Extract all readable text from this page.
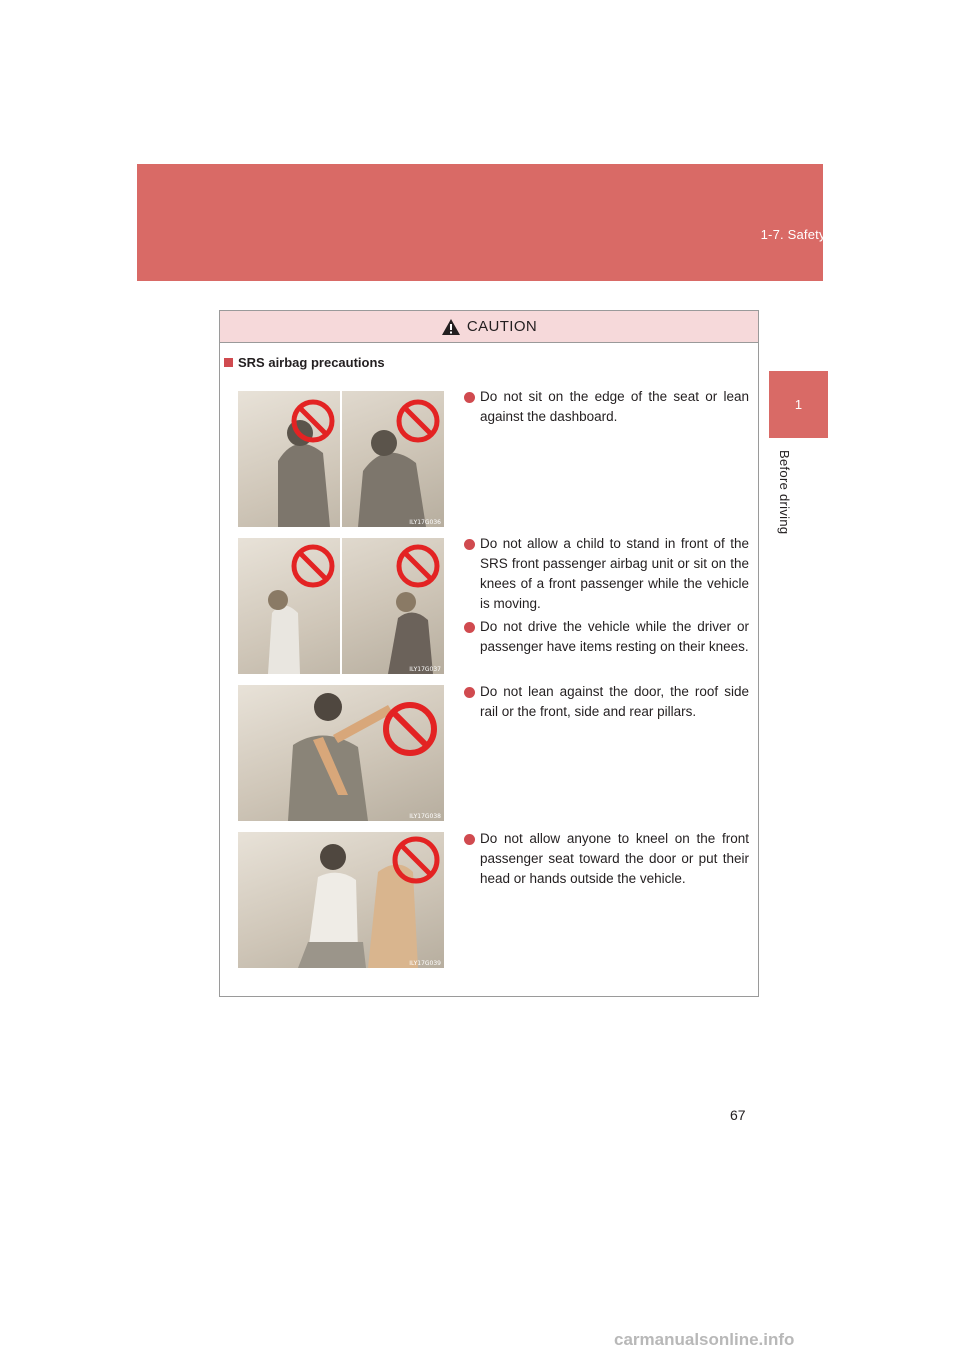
1-7. Safety information
1
Before driving
CAUTION
SRS airbag precautions
ILY17G036
ILY17G037
ILY17G038
ILY17G039
Do not sit on the edge of the seat or lean against the dashboard.
Do not allow a child to stand in front of the SRS front passenger airbag unit or sit on the knees of a front passenger while the vehicle is moving.
Do not drive the vehicle while the driver or passenger have items resting on their knees.
Do not lean against the door, the roof side rail or the front, side and rear pillars.
Do not allow anyone to kneel on the front passenger seat toward the door or put their head or hands outside the vehicle.
67
carmanualsonline.info
